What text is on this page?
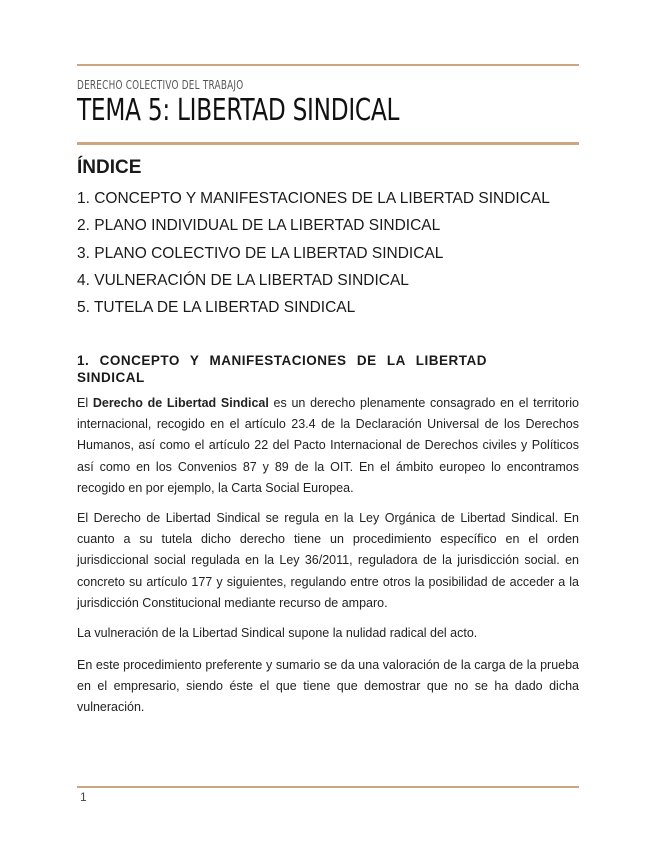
DERECHO COLECTIVO DEL TRABAJO
TEMA 5: LIBERTAD SINDICAL
ÍNDICE
1. CONCEPTO Y MANIFESTACIONES DE LA LIBERTAD SINDICAL
2. PLANO INDIVIDUAL DE LA LIBERTAD SINDICAL
3. PLANO COLECTIVO DE LA LIBERTAD SINDICAL
4. VULNERACIÓN DE LA LIBERTAD SINDICAL
5. TUTELA DE LA LIBERTAD SINDICAL
1. CONCEPTO Y MANIFESTACIONES DE LA LIBERTAD
SINDICAL

El Derecho de Libertad Sindical es un derecho plenamente consagrado en el territorio internacional, recogido en el artículo 23.4 de la Declaración Universal de los Derechos Humanos, así como el artículo 22 del Pacto Internacional de Derechos civiles y Políticos así como en los Convenios 87 y 89 de la OIT. En el ámbito europeo lo encontramos recogido en por ejemplo, la Carta Social Europea.

El Derecho de Libertad Sindical se regula en la Ley Orgánica de Libertad Sindical. En cuanto a su tutela dicho derecho tiene un procedimiento específico en el orden jurisdiccional social regulada en la Ley 36/2011, reguladora de la jurisdicción social. en concreto su artículo 177 y siguientes, regulando entre otros la posibilidad de acceder a la jurisdicción Constitucional mediante recurso de amparo.

La vulneración de la Libertad Sindical supone la nulidad radical del acto.

En este procedimiento preferente y sumario se da una valoración de la carga de la prueba en el empresario, siendo éste el que tiene que demostrar que no se ha dado dicha vulneración.

1
